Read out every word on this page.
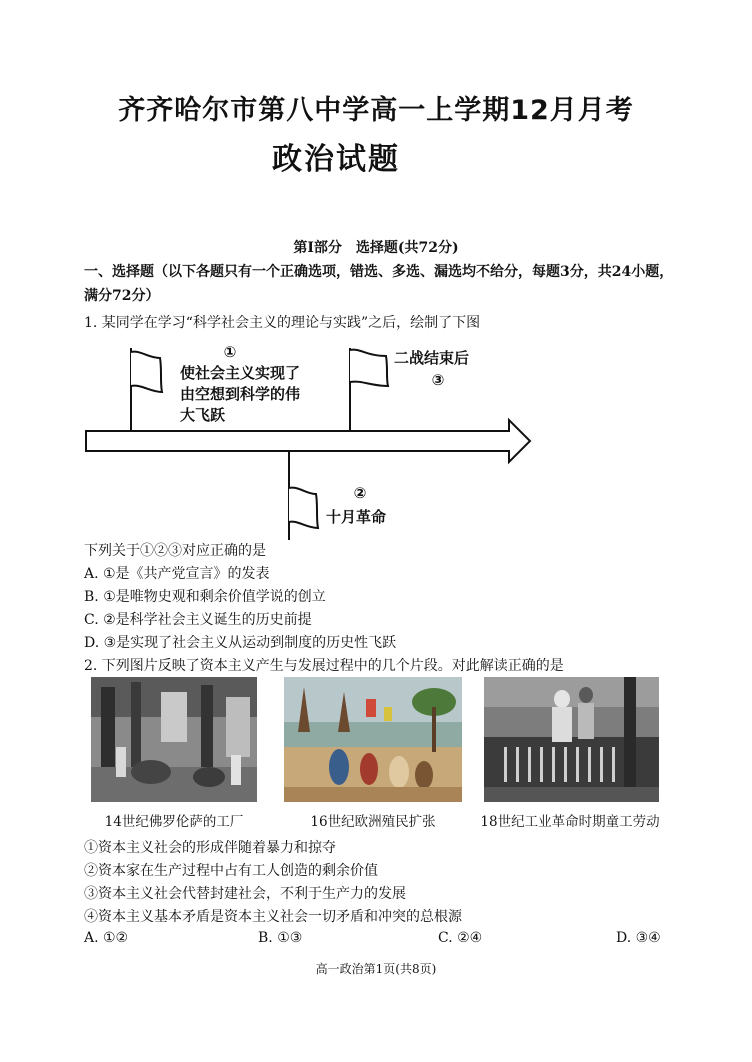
齐齐哈尔市第八中学高一上学期12月月考
政治试题
第Ⅰ部分　选择题(共72分)
一、选择题（以下各题只有一个正确选项，错选、多选、漏选均不给分，每题3分，共24小题，满分72分）
1. 某同学在学习“科学社会主义的理论与实践”之后，绘制了下图
①
使社会主义实现了
由空想到科学的伟
大飞跃
二战结束后
③
②
十月革命
下列关于①②③对应正确的是
A. ①是《共产党宣言》的发表
B. ①是唯物史观和剩余价值学说的创立
C. ②是科学社会主义诞生的历史前提
D. ③是实现了社会主义从运动到制度的历史性飞跃
2. 下列图片反映了资本主义产生与发展过程中的几个片段。对此解读正确的是
14世纪佛罗伦萨的工厂	16世纪欧洲殖民扩张	18世纪工业革命时期童工劳动
①资本主义社会的形成伴随着暴力和掠夺
②资本家在生产过程中占有工人创造的剩余价值
③资本主义社会代替封建社会，不利于生产力的发展
④资本主义基本矛盾是资本主义社会一切矛盾和冲突的总根源
A. ①②	B. ①③	C. ②④	D. ③④
高一政治第1页(共8页)
